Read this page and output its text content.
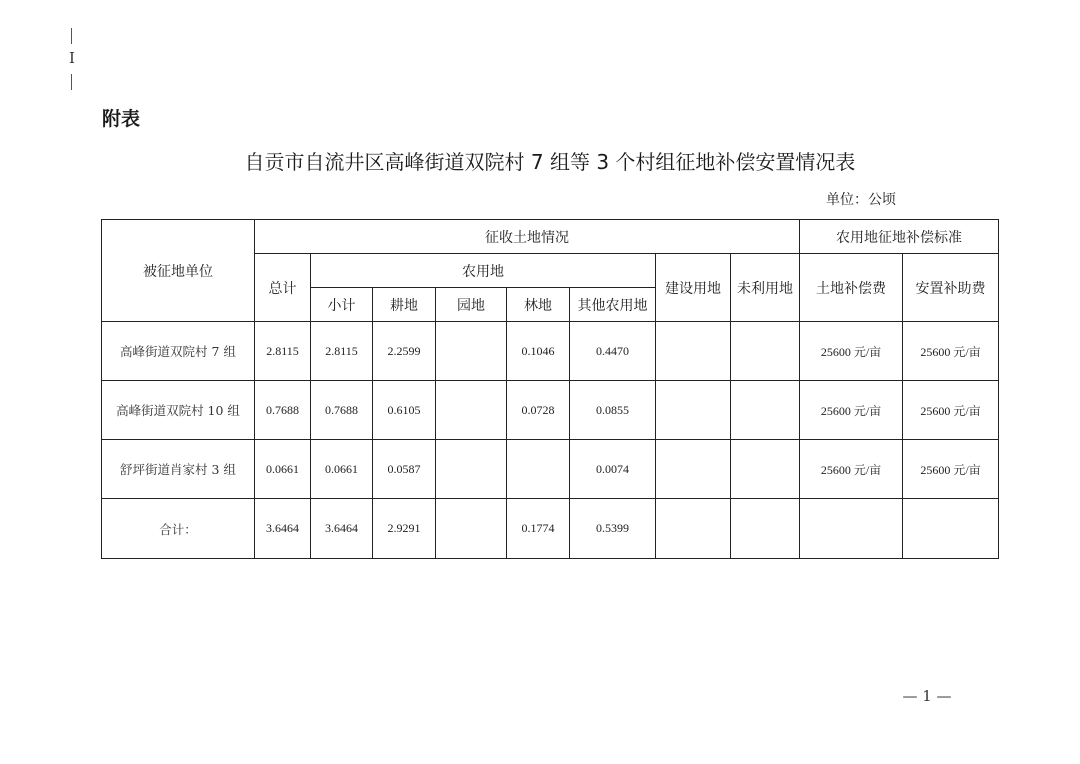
I
附表
自贡市自流井区高峰街道双院村 7 组等 3 个村组征地补偿安置情况表
单位：公顷
被征地单位	征收土地情况								农用地征地补偿标准	
	总计	农用地					建设用地	未利用地	土地补偿费	安置补助费
		小计	耕地	园地	林地	其他农用地				
高峰街道双院村 7 组	2.8115	2.8115	2.2599		0.1046	0.4470			25600 元/亩	25600 元/亩
高峰街道双院村 10 组	0.7688	0.7688	0.6105		0.0728	0.0855			25600 元/亩	25600 元/亩
舒坪街道肖家村 3 组	0.0661	0.0661	0.0587			0.0074			25600 元/亩	25600 元/亩
合计：	3.6464	3.6464	2.9291		0.1774	0.5399				
— 1 —
